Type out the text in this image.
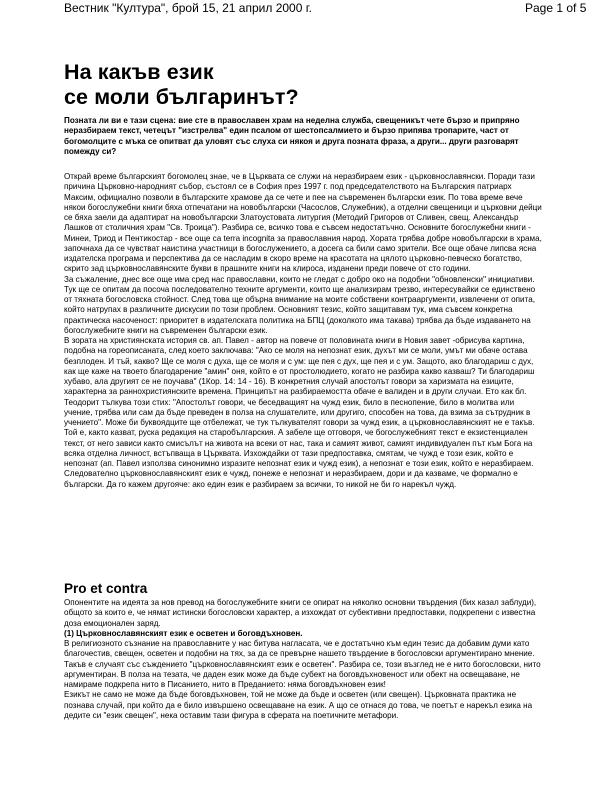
Вестник "Култура", брой 15, 21 април 2000 г.	Page 1 of 5
На какъв език
се моли българинът?
Позната ли ви е тази сцена: вие сте в православен храм на неделна служба, свещеникът чете бързо и припряно неразбираем текст, четецът "изстрелва" един псалом от шестопсалмието и бързо припява тропарите, част от богомолците с мъка се опитват да уловят със слуха си някоя и друга позната фраза, а други... други разговарят помежду си?

Открай време българският богомолец знае, че в Църквата се служи на неразбираем език - църковнославянски. Поради тази причина Църковно-народният събор, състоял се в София през 1997 г. под председателството на Българския патриарх Максим, официално позволи в българските храмове да се чете и пее на съвременен български език. По това време вече някои богослужебни книги бяха отпечатани на новобългарски (Часослов, Служебник), а отделни свещеници и църковни дейци се бяха заели да адаптират на новобългарски Златоустовата литургия (Методий Григоров от Сливен, свещ. Александър Лашков от столичния храм "Св. Троица"). Разбира се, всичко това е съвсем недостатъчно. Основните богослужебни книги - Минеи, Триод и Пентикостар - все още са terra incognita за православния народ. Хората трябва добре новобългарски в храма, започнаха да се чувстват наистина участници в богослужението, а досега са били само зрители. Все още обаче липсва ясна издателска програма и перспектива да се насладим в скоро време на красотата на цялото църковно-певческо богатство, скрито зад църковнославянските букви в прашните книги на клироса, изданени преди повече от сто години.

За съжаление, днес все още има сред нас православни, които не гледат с добро око на подобни "обновленски" инициативи. Тук ще се опитам да посоча последователно техните аргументи, които ще анализирам трезво, интересувайки се единствено от тяхната богословска стойност. След това ще обърна внимание на моите собствени контрааргументи, извлечени от опита, който натрупах в различните дискусии по този проблем. Основният тезис, който защитавам тук, има съвсем конкретна практическа насоченост: приоритет в издателската политика на БПЦ (доколкото има такава) трябва да бъде издаването на богослужебните книги на съвременен български език.

В зората на християнската история св. ап. Павел - автор на повече от половината книги в Новия завет -обрисува картина, подобна на гореописаната, след което заключава: "Ако се моля на непознат език, духът ми се моли, умът ми обаче остава безплоден. И тъй, какво? Ще се моля с духа, ще се моля и с ум: ще пея с дух, ще пея и с ум. Защото, ако благодариш с дух, как ще каже на твоето благодарение "амин" оня, който е от простолюдието, когато не разбира какво казваш? Ти благодариш хубаво, ала другият се не поучава" (1Кор. 14: 14 - 16). В конкретния случай апостолът говори за харизмата на езиците, характерна за раннохристиянските времена. Принципът на разбираемостта обаче е валиден и в други случаи. Ето как бл. Теодорит тълкува този стих: "Апостолът говори, че беседващият на чужд език, било в песнопение, било в молитва или учение, трябва или сам да бъде преведен в полза на слушателите, или другиго, способен на това, да взима за сътрудник в учението". Може би буквоядците ще отбележат, че тук тълкувателят говори за чужд език, а църковнославянският не е такъв. Той е, както казват, руска редакция на старобългарския. А забеле ще отговоря, че богослужебният текст е екзистенциален текст, от него зависи както смисълът на живота на всеки от нас, така и самият живот, самият индивидуален път към Бога на всяка отделна личност, встъпваща в Църквата. Изхождайки от тази предпоставка, смятам, че чужд е този език, който е непознат (ап. Павел използва синонимно изразите непознат език и чужд език), а непознат е този език, който е неразбираем. Следователно църковнославянският език е чужд, понеже е непознат и неразбираем, дори и да казваме, че формално е български. Да го кажем другояче: ако един език е разбираем за всички, то никой не би го нарекъл чужд.

Pro et contra

Опонентите на идеята за нов превод на богослужебните книги се опират на няколко основни твърдения (бих казал заблуди), общото за които е, че нямат истински богословски характер, а изхождат от субективни предпоставки, подкрепени с известна доза емоционален заряд.

(1) Църковнославянският език е осветен и боговдъхновен.

В религиозното съзнание на православните у нас битува нагласата, че е достатъчно към един тезис да добавим думи като благочестив, свещен, осветен и подобни на тях, за да се превърне нашето твърдение в богословски аргументирано мнение. Такъв е случаят със съждението "църковнославянският език е осветен". Разбира се, този възглед не е нито богословски, нито аргументиран. В полза на тезата, че даден език може да бъде субект на боговдъхновеност или обект на освещаване, не намираме подкрепа нито в Писанието, нито в Преданието: няма боговдъхновен език!

Езикът не само не може да бъде боговдъхновен, той не може да бъде и осветен (или свещен). Църковната практика не познава случай, при който да е било извършено освещаване на език. А що се отнася до това, че поетът е нарекъл езика на дедите си "език свещен", нека оставим тази фигура в сферата на поетичните метафори.
